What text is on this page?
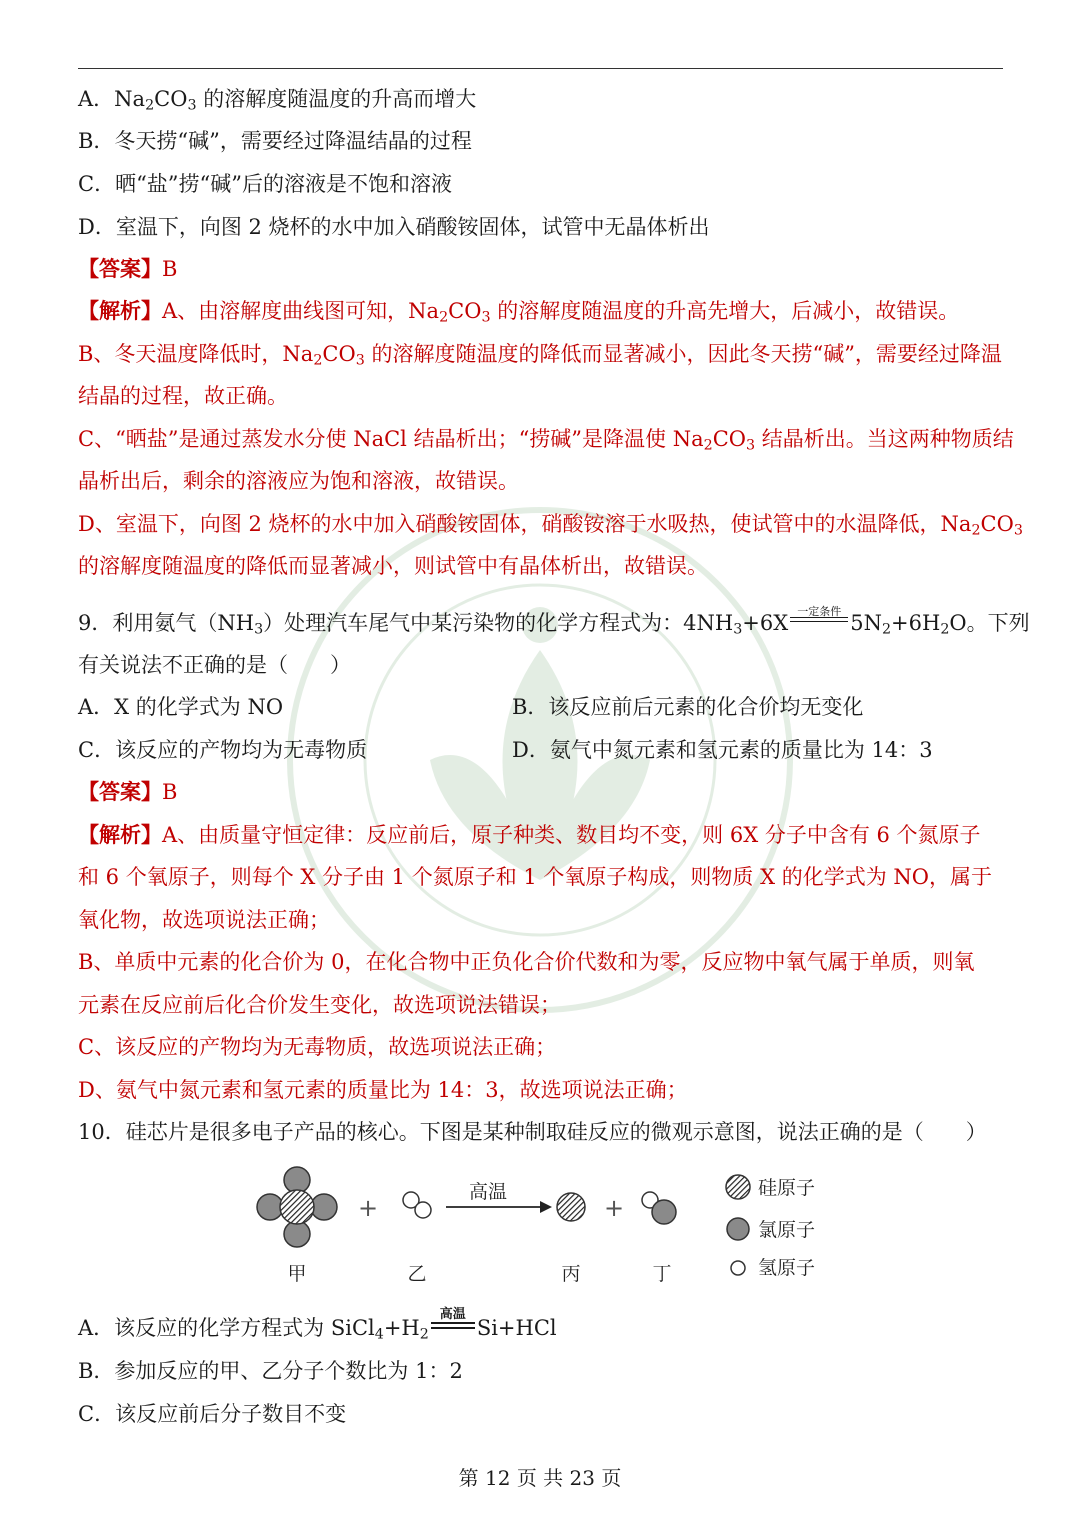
A．$Na_2CO_3$ 的溶解度随温度的升高而增大
B．冬天捞“碱”，需要经过降温结晶的过程
C．晒“盐”捞“碱”后的溶液是不饱和溶液
D．室温下，向图 2 烧杯的水中加入硝酸铵固体，试管中无晶体析出
【答案】B
【解析】A、由溶解度曲线图可知，$Na_2CO_3$ 的溶解度随温度的升高先增大，后减小，故错误。
B、冬天温度降低时，$Na_2CO_3$ 的溶解度随温度的降低而显著减小，因此冬天捞“碱”，需要经过降温
结晶的过程，故正确。
C、“晒盐”是通过蒸发水分使 NaCl 结晶析出；“捞碱”是降温使 $Na_2CO_3$ 结晶析出。当这两种物质结
晶析出后，剩余的溶液应为饱和溶液，故错误。
D、室温下，向图 2 烧杯的水中加入硝酸铵固体，硝酸铵溶于水吸热，使试管中的水温降低，$Na_2CO_3$
的溶解度随温度的降低而显著减小，则试管中有晶体析出，故错误。
9．利用氨气$(NH_3)$处理汽车尾气中某污染物的化学方程式为：$4NH_3+6X$ 一定条件 $5N_2+6H_2O$。下列
有关说法不正确的是（　　）
A．X 的化学式为 NO	B．该反应前后元素的化合价均无变化
C．该反应的产物均为无毒物质	D．氨气中氮元素和氢元素的质量比为 14：3
【答案】B
【解析】A、由质量守恒定律：反应前后，原子种类、数目均不变，则 6X 分子中含有 6 个氮原子
和 6 个氧原子，则每个 X 分子由 1 个氮原子和 1 个氧原子构成，则物质 X 的化学式为 NO，属于
氧化物，故选项说法正确；
B、单质中元素的化合价为 0，在化合物中正负化合价代数和为零，反应物中氧气属于单质，则氧
元素在反应前后化合价发生变化，故选项说法错误；
C、该反应的产物均为无毒物质，故选项说法正确；
D、氨气中氮元素和氢元素的质量比为 14：3，故选项说法正确；
10．硅芯片是很多电子产品的核心。下图是某种制取硅反应的微观示意图，说法正确的是（　　）
+
高温
+
甲	乙	丙	丁
硅原子
氯原子
氢原子
A．该反应的化学方程式为 $SiCl_4+H_2$
高温
Si+HCl
B．参加反应的甲、乙分子个数比为 1：2
C．该反应前后分子数目不变
第 12 页 共 23 页
